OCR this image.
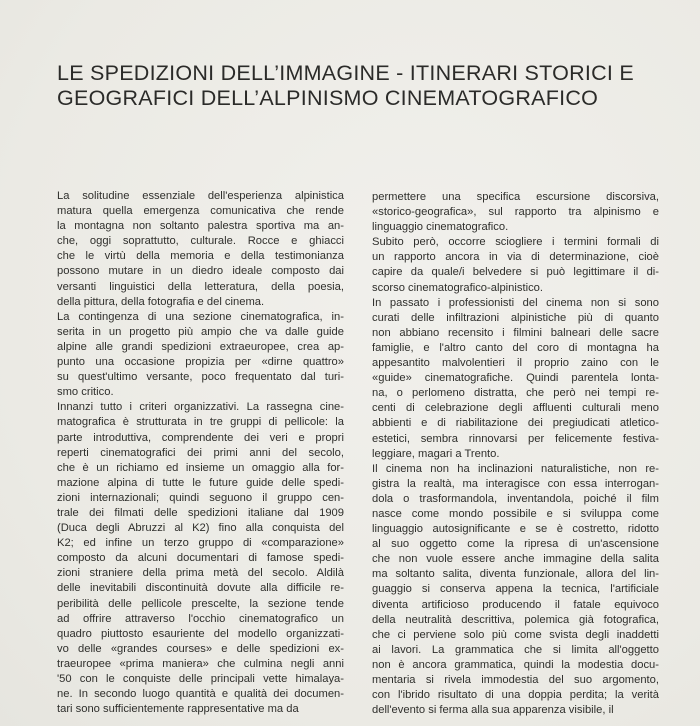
LE SPEDIZIONI DELL’IMMAGINE - ITINERARI STORICI E
GEOGRAFICI DELL’ALPINISMO CINEMATOGRAFICO

La solitudine essenziale dell'esperienza alpinistica
matura quella emergenza comunicativa che rende
la montagna non soltanto palestra sportiva ma an-
che, oggi soprattutto, culturale. Rocce e ghiacci
che le virtù della memoria e della testimonianza
possono mutare in un diedro ideale composto dai
versanti linguistici della letteratura, della poesia,
della pittura, della fotografia e del cinema.

La contingenza di una sezione cinematografica, in-
serita in un progetto più ampio che va dalle guide
alpine alle grandi spedizioni extraeuropee, crea ap-
punto una occasione propizia per «dirne quattro»
su quest'ultimo versante, poco frequentato dal turi-
smo critico.

Innanzi tutto i criteri organizzativi. La rassegna cine-
matografica è strutturata in tre gruppi di pellicole: la
parte introduttiva, comprendente dei veri e propri
reperti cinematografici dei primi anni del secolo,
che è un richiamo ed insieme un omaggio alla for-
mazione alpina di tutte le future guide delle spedi-
zioni internazionali; quindi seguono il gruppo cen-
trale dei filmati delle spedizioni italiane dal 1909
(Duca degli Abruzzi al K2) fino alla conquista del
K2; ed infine un terzo gruppo di «comparazione»
composto da alcuni documentari di famose spedi-
zioni straniere della prima metà del secolo. Aldilà
delle inevitabili discontinuità dovute alla difficile re-
peribilità delle pellicole prescelte, la sezione tende
ad offrire attraverso l'occhio cinematografico un
quadro piuttosto esauriente del modello organizzati-
vo delle «grandes courses» e delle spedizioni ex-
traeuropee «prima maniera» che culmina negli anni
'50 con le conquiste delle principali vette himalaya-
ne. In secondo luogo quantità e qualità dei documen-
tari sono sufficientemente rappresentative ma da

permettere una specifica escursione discorsiva,
«storico-geografica», sul rapporto tra alpinismo e
linguaggio cinematografico.

Subito però, occorre sciogliere i termini formali di
un rapporto ancora in via di determinazione, cioè
capire da quale/i belvedere si può legittimare il di-
scorso cinematografico-alpinistico.

In passato i professionisti del cinema non si sono
curati delle infiltrazioni alpinistiche più di quanto
non abbiano recensito i filmini balneari delle sacre
famiglie, e l'altro canto del coro di montagna ha
appesantito malvolentieri il proprio zaino con le
«guide» cinematografiche. Quindi parentela lonta-
na, o perlomeno distratta, che però nei tempi re-
centi di celebrazione degli affluenti culturali meno
abbienti e di riabilitazione dei pregiudicati atletico-
estetici, sembra rinnovarsi per felicemente festiva-
leggiare, magari a Trento.

Il cinema non ha inclinazioni naturalistiche, non re-
gistra la realtà, ma interagisce con essa interrogan-
dola o trasformandola, inventandola, poiché il film
nasce come mondo possibile e si sviluppa come
linguaggio autosignificante e se è costretto, ridotto
al suo oggetto come la ripresa di un'ascensione
che non vuole essere anche immagine della salita
ma soltanto salita, diventa funzionale, allora del lin-
guaggio si conserva appena la tecnica, l'artificiale
diventa artificioso producendo il fatale equivoco
della neutralità descrittiva, polemica già fotografica,
che ci perviene solo più come svista degli inaddetti
ai lavori. La grammatica che si limita all'oggetto
non è ancora grammatica, quindi la modestia docu-
mentaria si rivela immodestia del suo argomento,
con l'ibrido risultato di una doppia perdita; la verità
dell'evento si ferma alla sua apparenza visibile, il
